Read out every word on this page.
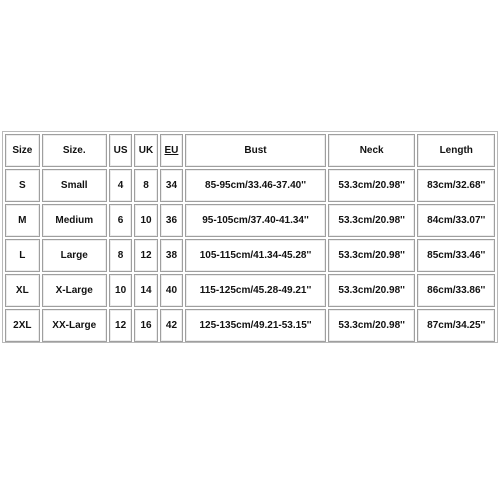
Size	Size.	US	UK	EU	Bust	Neck	Length
S	Small	4	8	34	85-95cm/33.46-37.40''	53.3cm/20.98''	83cm/32.68''
M	Medium	6	10	36	95-105cm/37.40-41.34''	53.3cm/20.98''	84cm/33.07''
L	Large	8	12	38	105-115cm/41.34-45.28''	53.3cm/20.98''	85cm/33.46''
XL	X-Large	10	14	40	115-125cm/45.28-49.21''	53.3cm/20.98''	86cm/33.86''
2XL	XX-Large	12	16	42	125-135cm/49.21-53.15''	53.3cm/20.98''	87cm/34.25''
